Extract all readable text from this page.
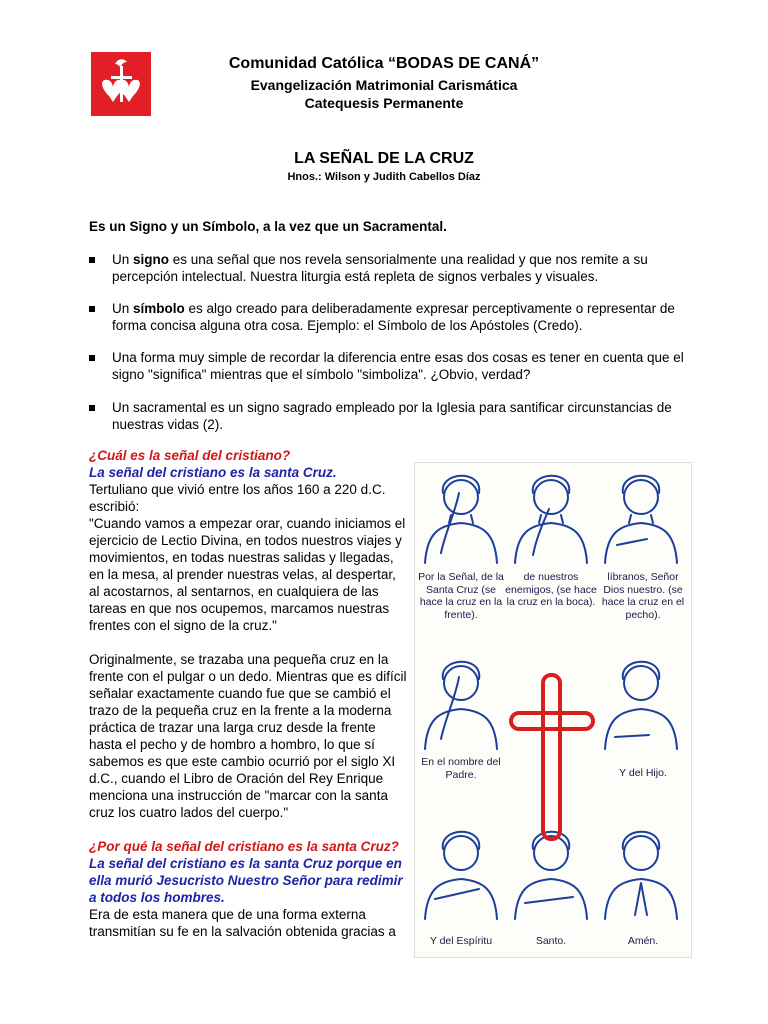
Comunidad Católica “BODAS DE CANÁ”
Evangelización Matrimonial Carismática
Catequesis Permanente
LA SEÑAL DE LA CRUZ
Hnos.: Wilson y Judith Cabellos Díaz
Es un Signo y un Símbolo, a la vez que un Sacramental.
Un signo es una señal que nos revela sensorialmente una realidad y que nos remite a su percepción intelectual. Nuestra liturgia está repleta de signos verbales y visuales.
Un símbolo es algo creado para deliberadamente expresar perceptivamente o representar de forma concisa alguna otra cosa. Ejemplo: el Símbolo de los Apóstoles (Credo).
Una forma muy simple de recordar la diferencia entre esas dos cosas es tener en cuenta que el signo "significa" mientras que el símbolo "simboliza". ¿Obvio, verdad?
Un sacramental es un signo sagrado empleado por la Iglesia para santificar circunstancias de nuestras vidas (2).

¿Cuál es la señal del cristiano?

La señal del cristiano es la santa Cruz.

Tertuliano que vivió entre los años 160 a 220 d.C. escribió:

"Cuando vamos a empezar orar, cuando iniciamos el ejercicio de Lectio Divina, en todos nuestros viajes y movimientos, en todas nuestras salidas y llegadas, en la mesa, al prender nuestras velas, al despertar, al acostarnos, al sentarnos, en cualquiera de las tareas en que nos ocupemos, marcamos nuestras frentes con el signo de la cruz."

Originalmente, se trazaba una pequeña cruz en la frente con el pulgar o un dedo. Mientras que es difícil señalar exactamente cuando fue que se cambió el trazo de la pequeña cruz en la frente a la moderna práctica de trazar una larga cruz desde la frente hasta el pecho y de hombro a hombro, lo que sí sabemos es que este cambio ocurrió por el siglo XI d.C., cuando el Libro de Oración del Rey Enrique menciona una instrucción de "marcar con la santa cruz los cuatro lados del cuerpo."

¿Por qué la señal del cristiano es la santa Cruz?

La señal del cristiano es la santa Cruz porque en ella murió Jesucristo Nuestro Señor para redimir a todos los hombres.

Era de esta manera que de una forma externa transmitían su fe en la salvación obtenida gracias a

Por la Señal, de la Santa Cruz (se hace la cruz en la frente).
de nuestros enemigos, (se hace la cruz en la boca).
líbranos, Señor Dios nuestro. (se hace la cruz en el pecho).
En el nombre del Padre.	Y del Hijo.
Y del Espíritu	Santo.	Amén.
